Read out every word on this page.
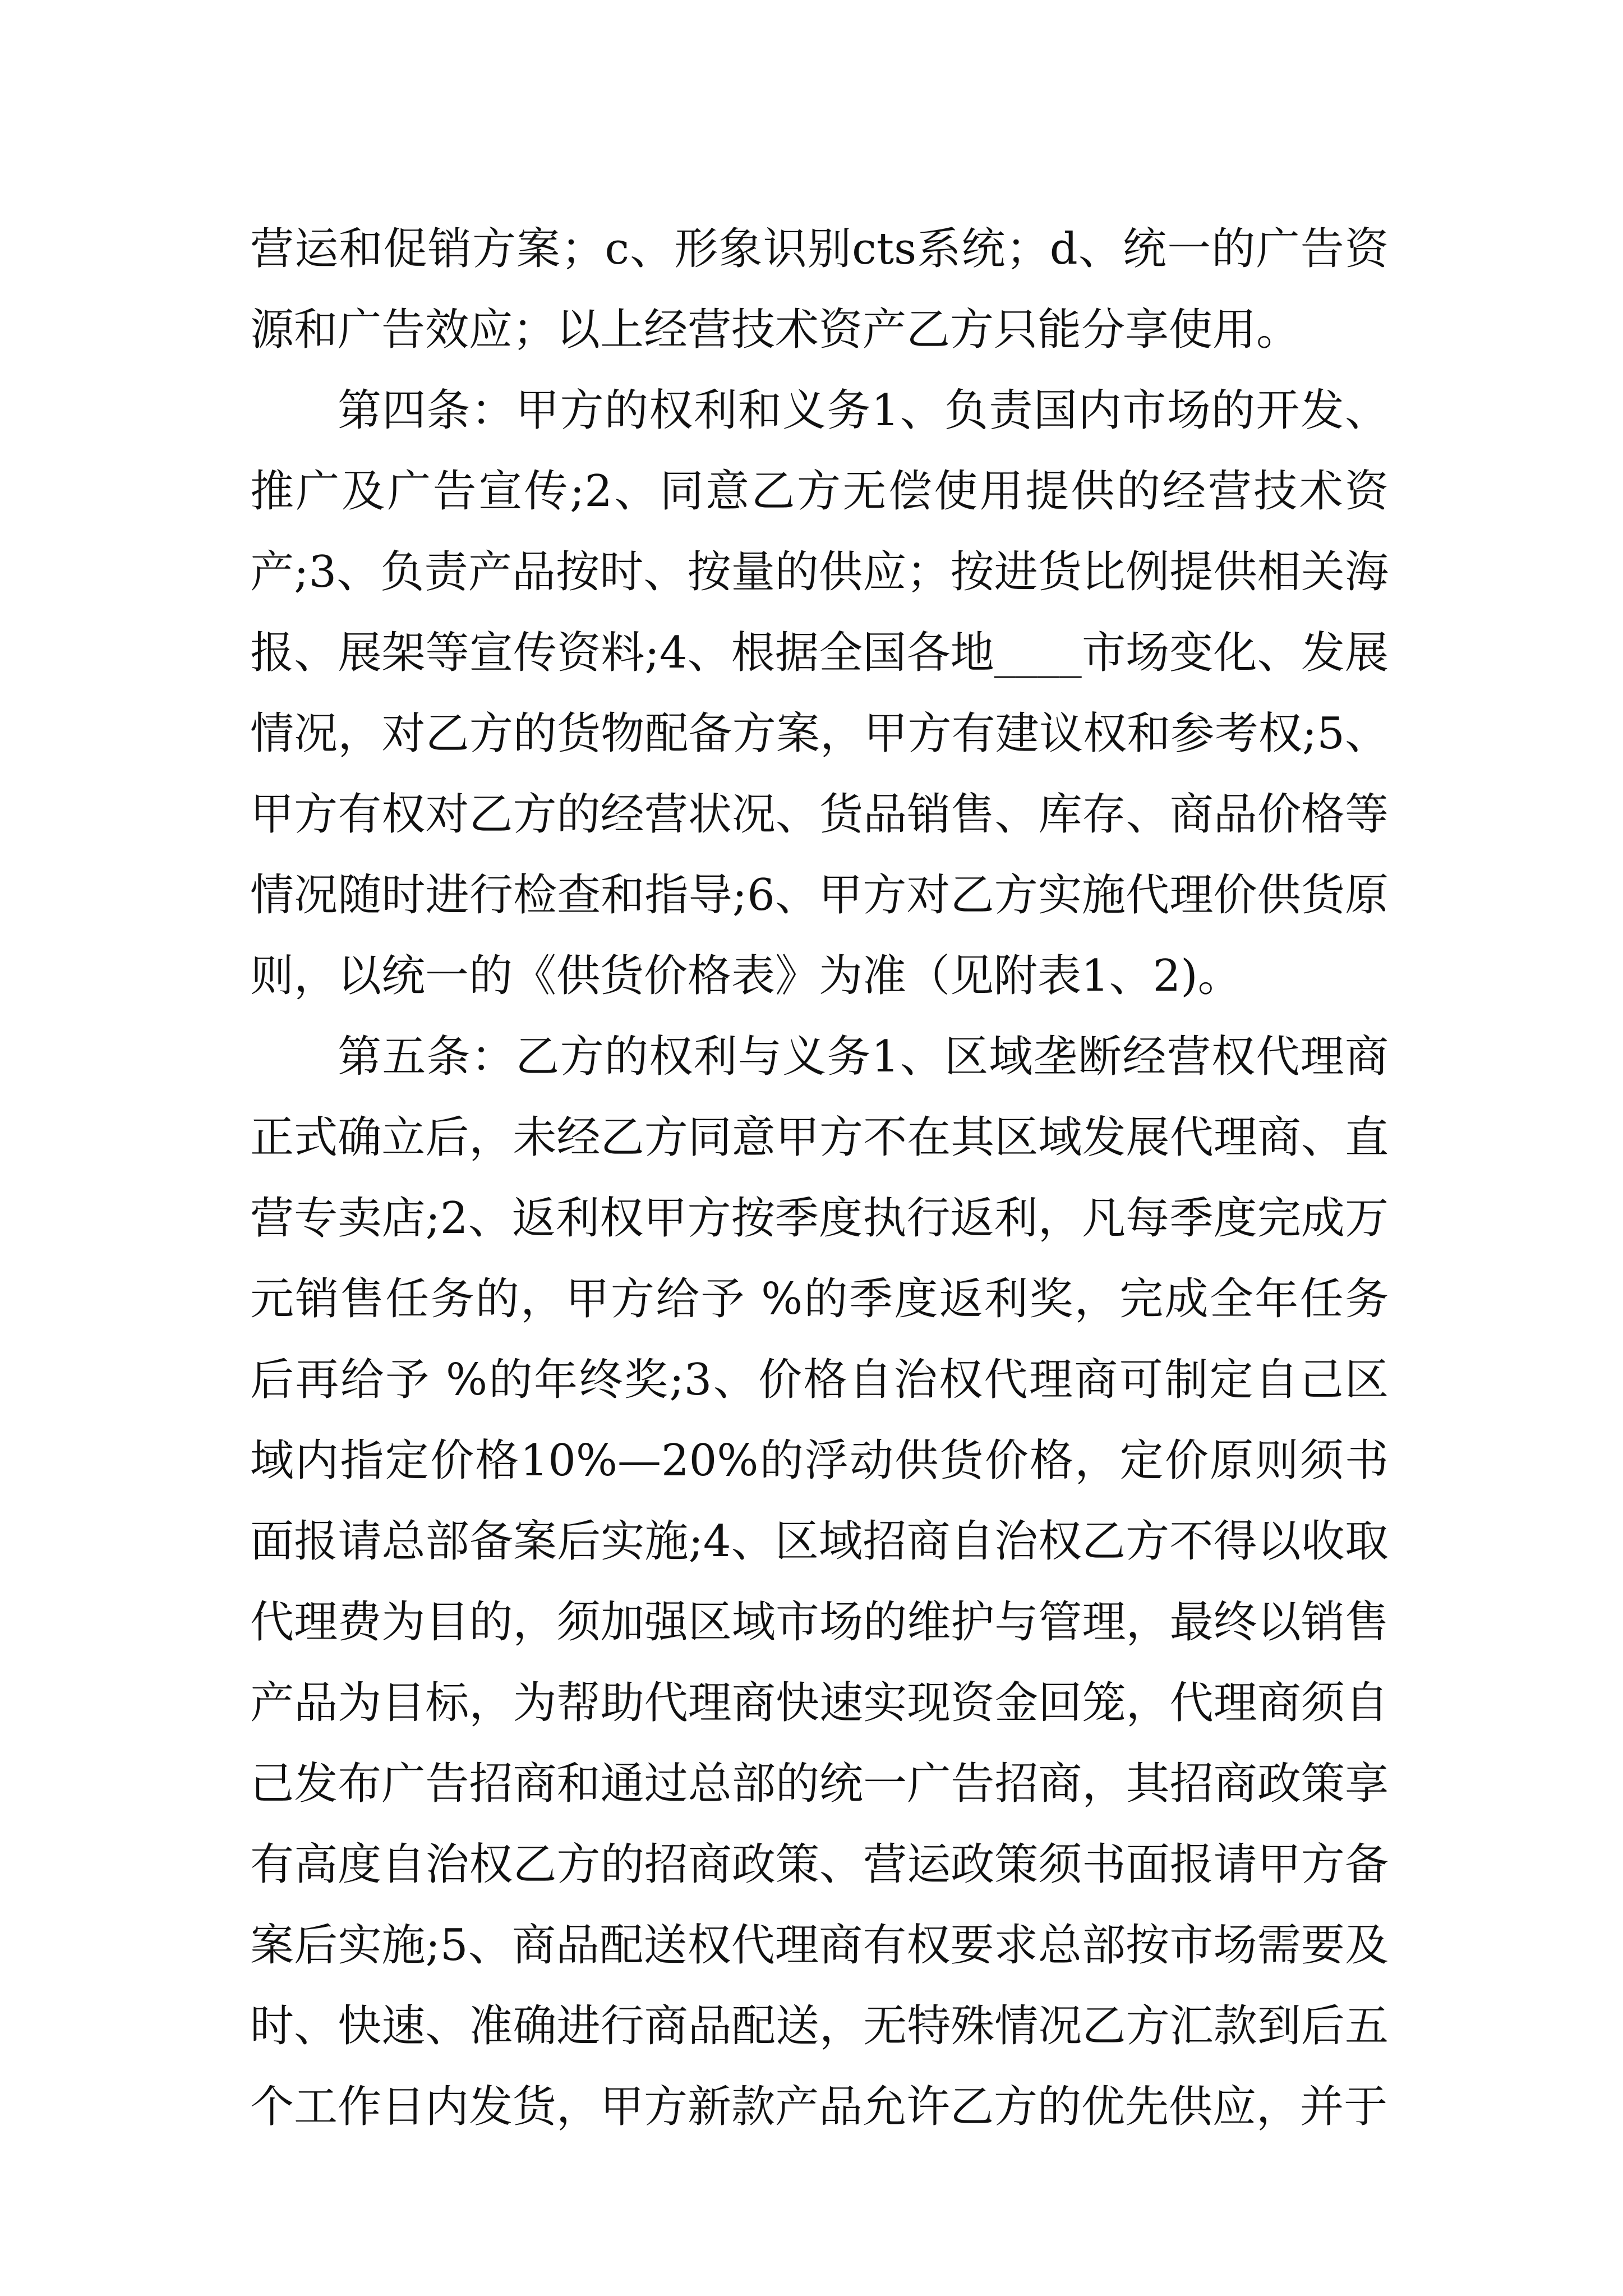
营运和促销方案；c、形象识别cts系统；d、统一的广告资源和广告效应；以上经营技术资产乙方只能分享使用。

第四条：甲方的权利和义务1、负责国内市场的开发、推广及广告宣传;2、同意乙方无偿使用提供的经营技术资产;3、负责产品按时、按量的供应；按进货比例提供相关海报、展架等宣传资料;4、根据全国各地____市场变化、发展情况，对乙方的货物配备方案，甲方有建议权和参考权;5、甲方有权对乙方的经营状况、货品销售、库存、商品价格等情况随时进行检查和指导;6、甲方对乙方实施代理价供货原则，以统一的《供货价格表》为准（见附表1、2)。

第五条：乙方的权利与义务1、区域垄断经营权代理商正式确立后，未经乙方同意甲方不在其区域发展代理商、直营专卖店;2、返利权甲方按季度执行返利，凡每季度完成万元销售任务的，甲方给予 %的季度返利奖，完成全年任务后再给予 %的年终奖;3、价格自治权代理商可制定自己区域内指定价格10%—20%的浮动供货价格，定价原则须书面报请总部备案后实施;4、区域招商自治权乙方不得以收取代理费为目的，须加强区域市场的维护与管理，最终以销售产品为目标，为帮助代理商快速实现资金回笼，代理商须自己发布广告招商和通过总部的统一广告招商，其招商政策享有高度自治权乙方的招商政策、营运政策须书面报请甲方备案后实施;5、商品配送权代理商有权要求总部按市场需要及时、快速、准确进行商品配送，无特殊情况乙方汇款到后五个工作日内发货，甲方新款产品允许乙方的优先供应，并于
